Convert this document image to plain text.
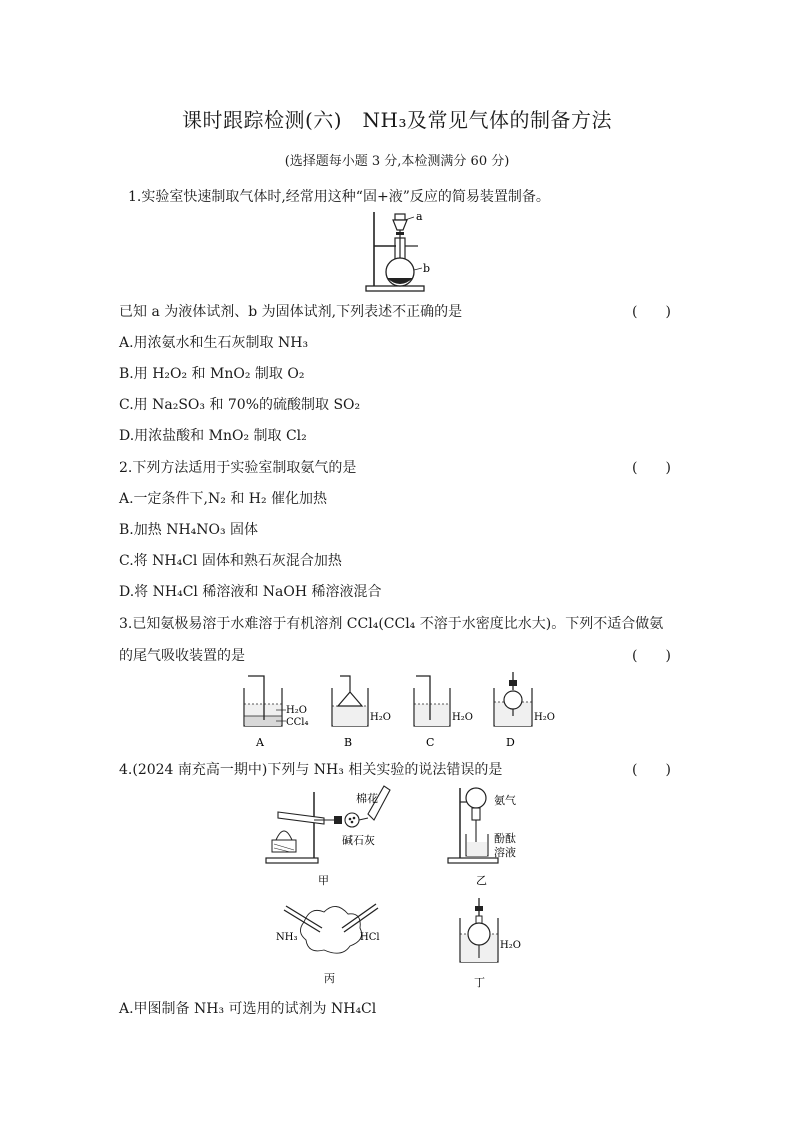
课时跟踪检测(六)　NH₃及常见气体的制备方法
(选择题每小题 3 分,本检测满分 60 分)
1.实验室快速制取气体时,经常用这种“固+液”反应的简易装置制备。
a
b
已知 a 为液体试剂、b 为固体试剂,下列表述不正确的是	(　　)
A.用浓氨水和生石灰制取 NH₃
B.用 H₂O₂ 和 MnO₂ 制取 O₂
C.用 Na₂SO₃ 和 70%的硫酸制取 SO₂
D.用浓盐酸和 MnO₂ 制取 Cl₂
2.下列方法适用于实验室制取氨气的是	(　　)
A.一定条件下,N₂ 和 H₂ 催化加热
B.加热 NH₄NO₃ 固体
C.将 NH₄Cl 固体和熟石灰混合加热
D.将 NH₄Cl 稀溶液和 NaOH 稀溶液混合
3.已知氨极易溶于水难溶于有机溶剂 CCl₄(CCl₄ 不溶于水密度比水大)。下列不适合做氨
的尾气吸收装置的是	(　　)
H₂O
CCl₄
A
H₂O
B
H₂O
C
H₂O
D
4.(2024 南充高一期中)下列与 NH₃ 相关实验的说法错误的是	(　　)
棉花
碱石灰
甲
氨气
酚酞
溶液
乙
NH₃	HCl
丙
H₂O
丁
A.甲图制备 NH₃ 可选用的试剂为 NH₄Cl
